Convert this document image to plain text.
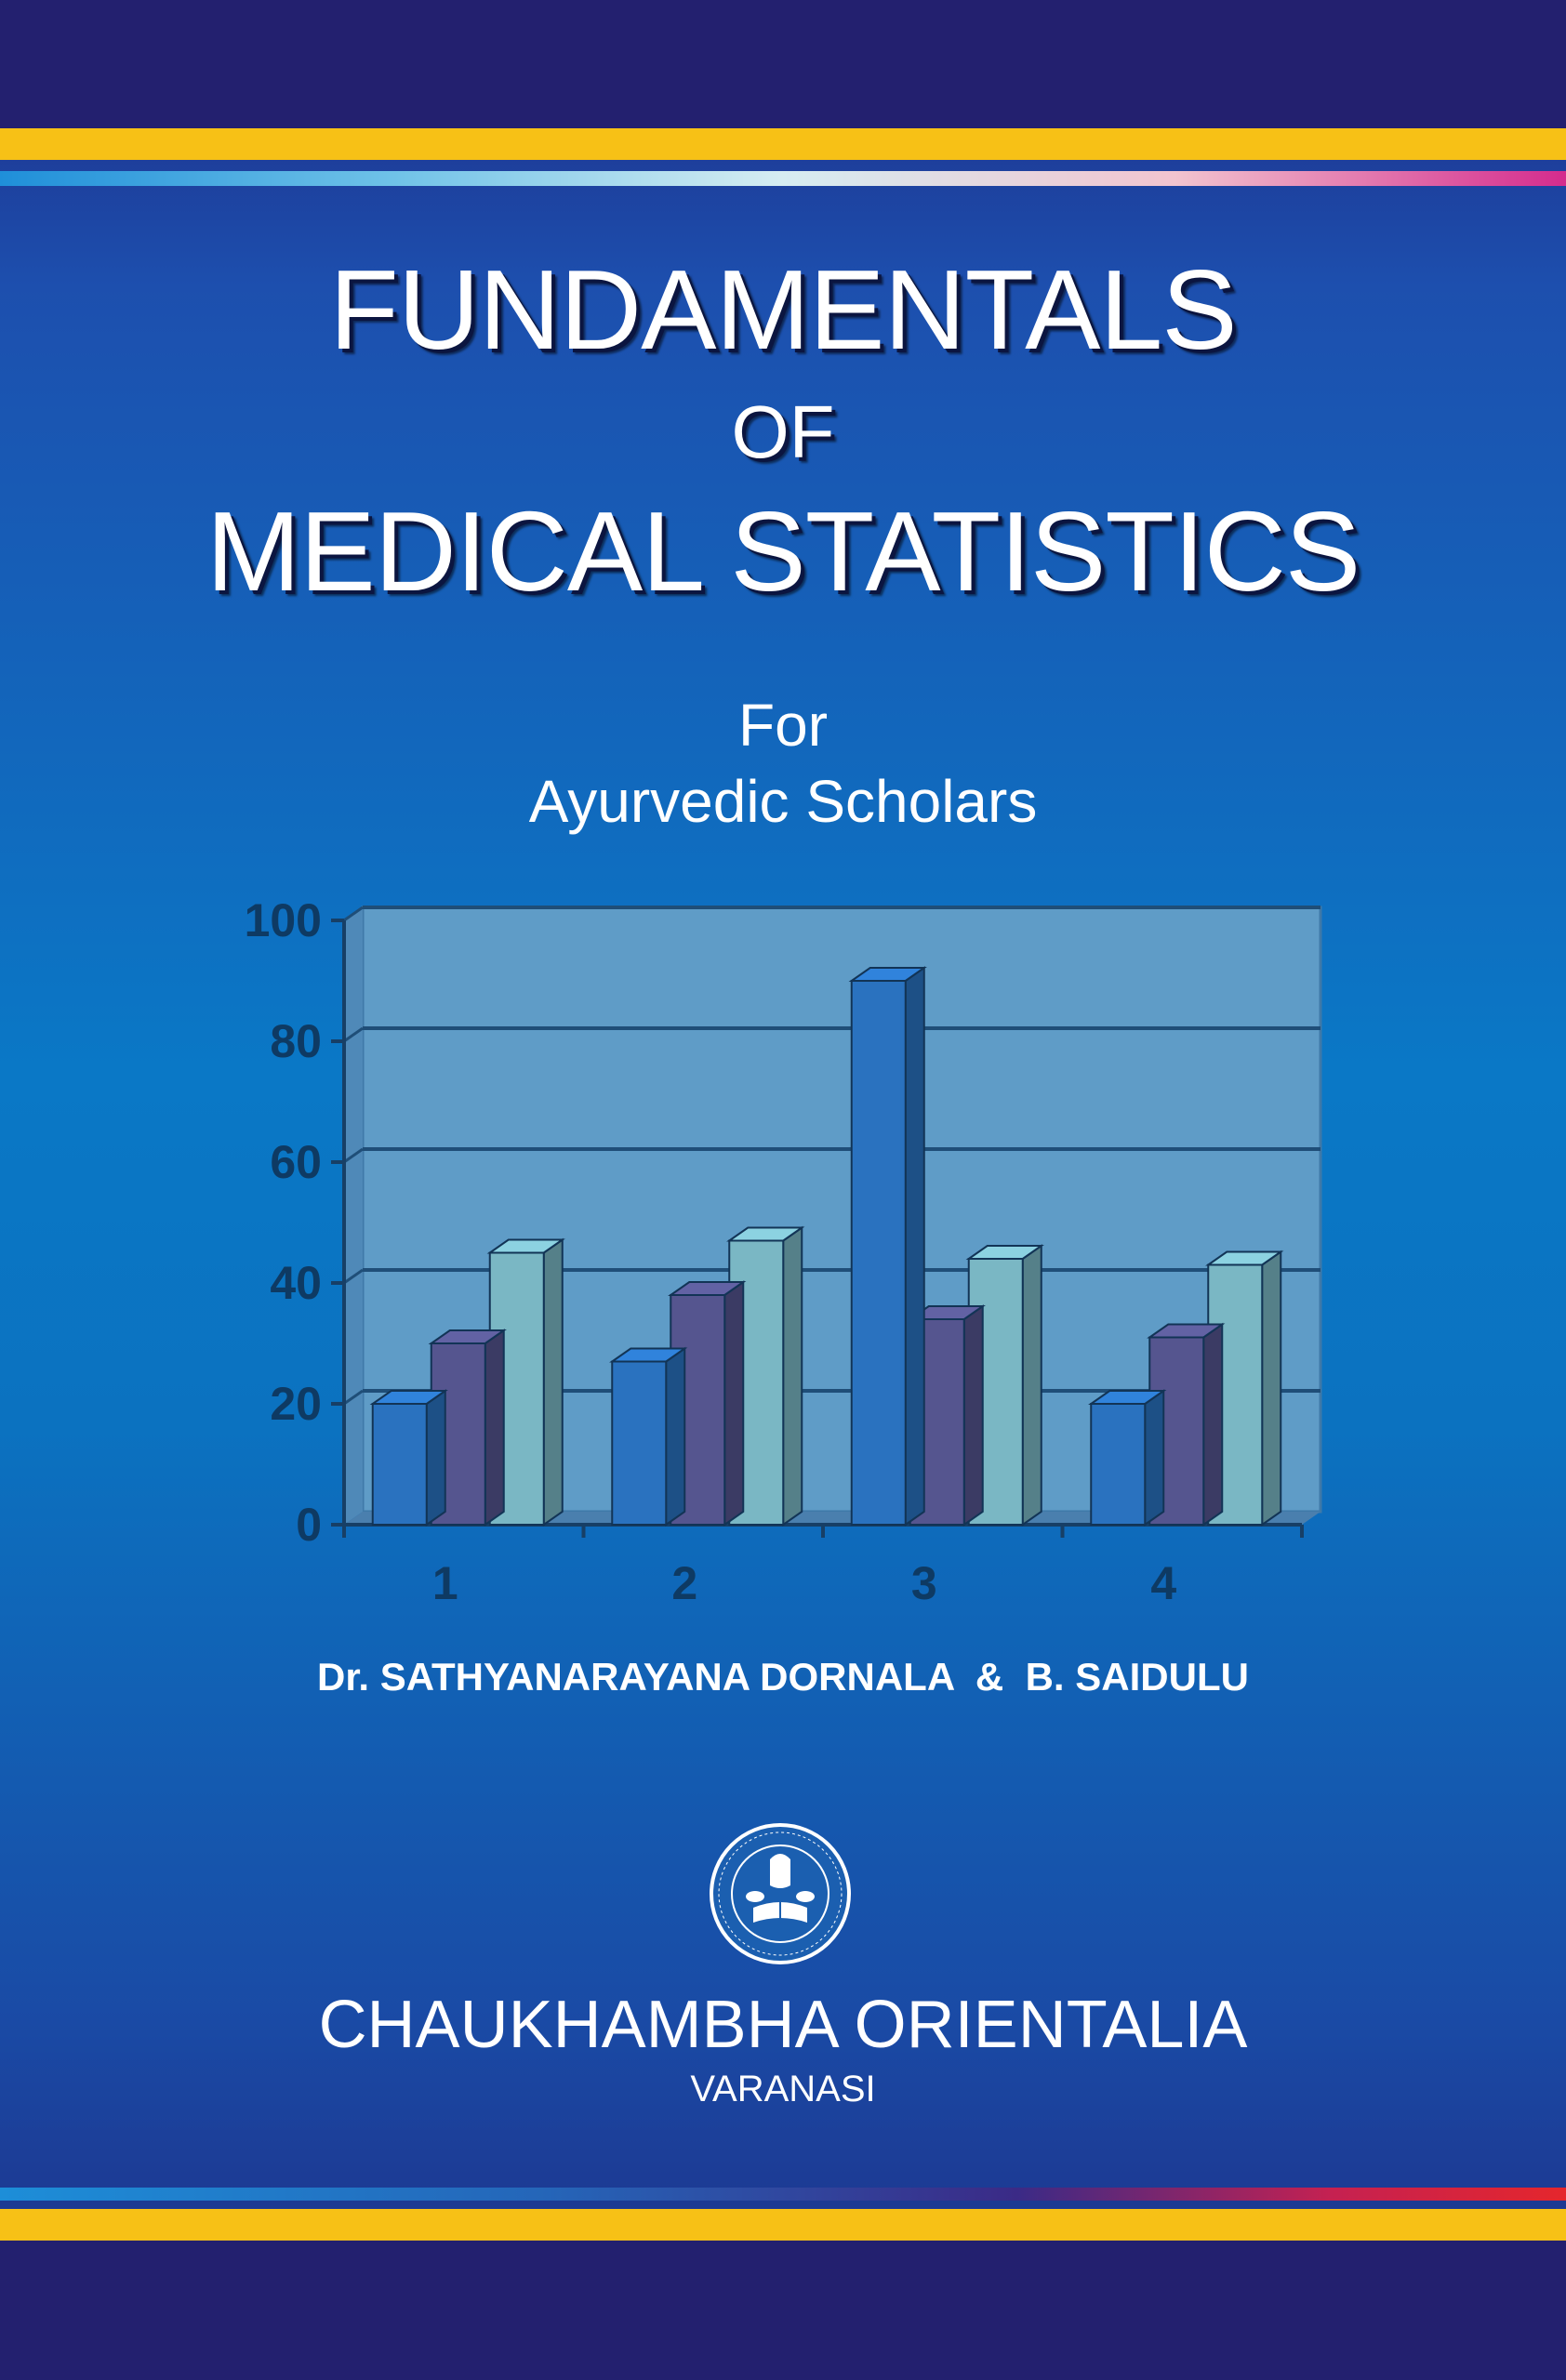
FUNDAMENTALS
OF
MEDICAL STATISTICS
For
Ayurvedic Scholars
0
20
40
60
80
100
1	2	3	4
Dr. SATHYANARAYANA DORNALA  &  B. SAIDULU
CHAUKHAMBHA ORIENTALIA
VARANASI
